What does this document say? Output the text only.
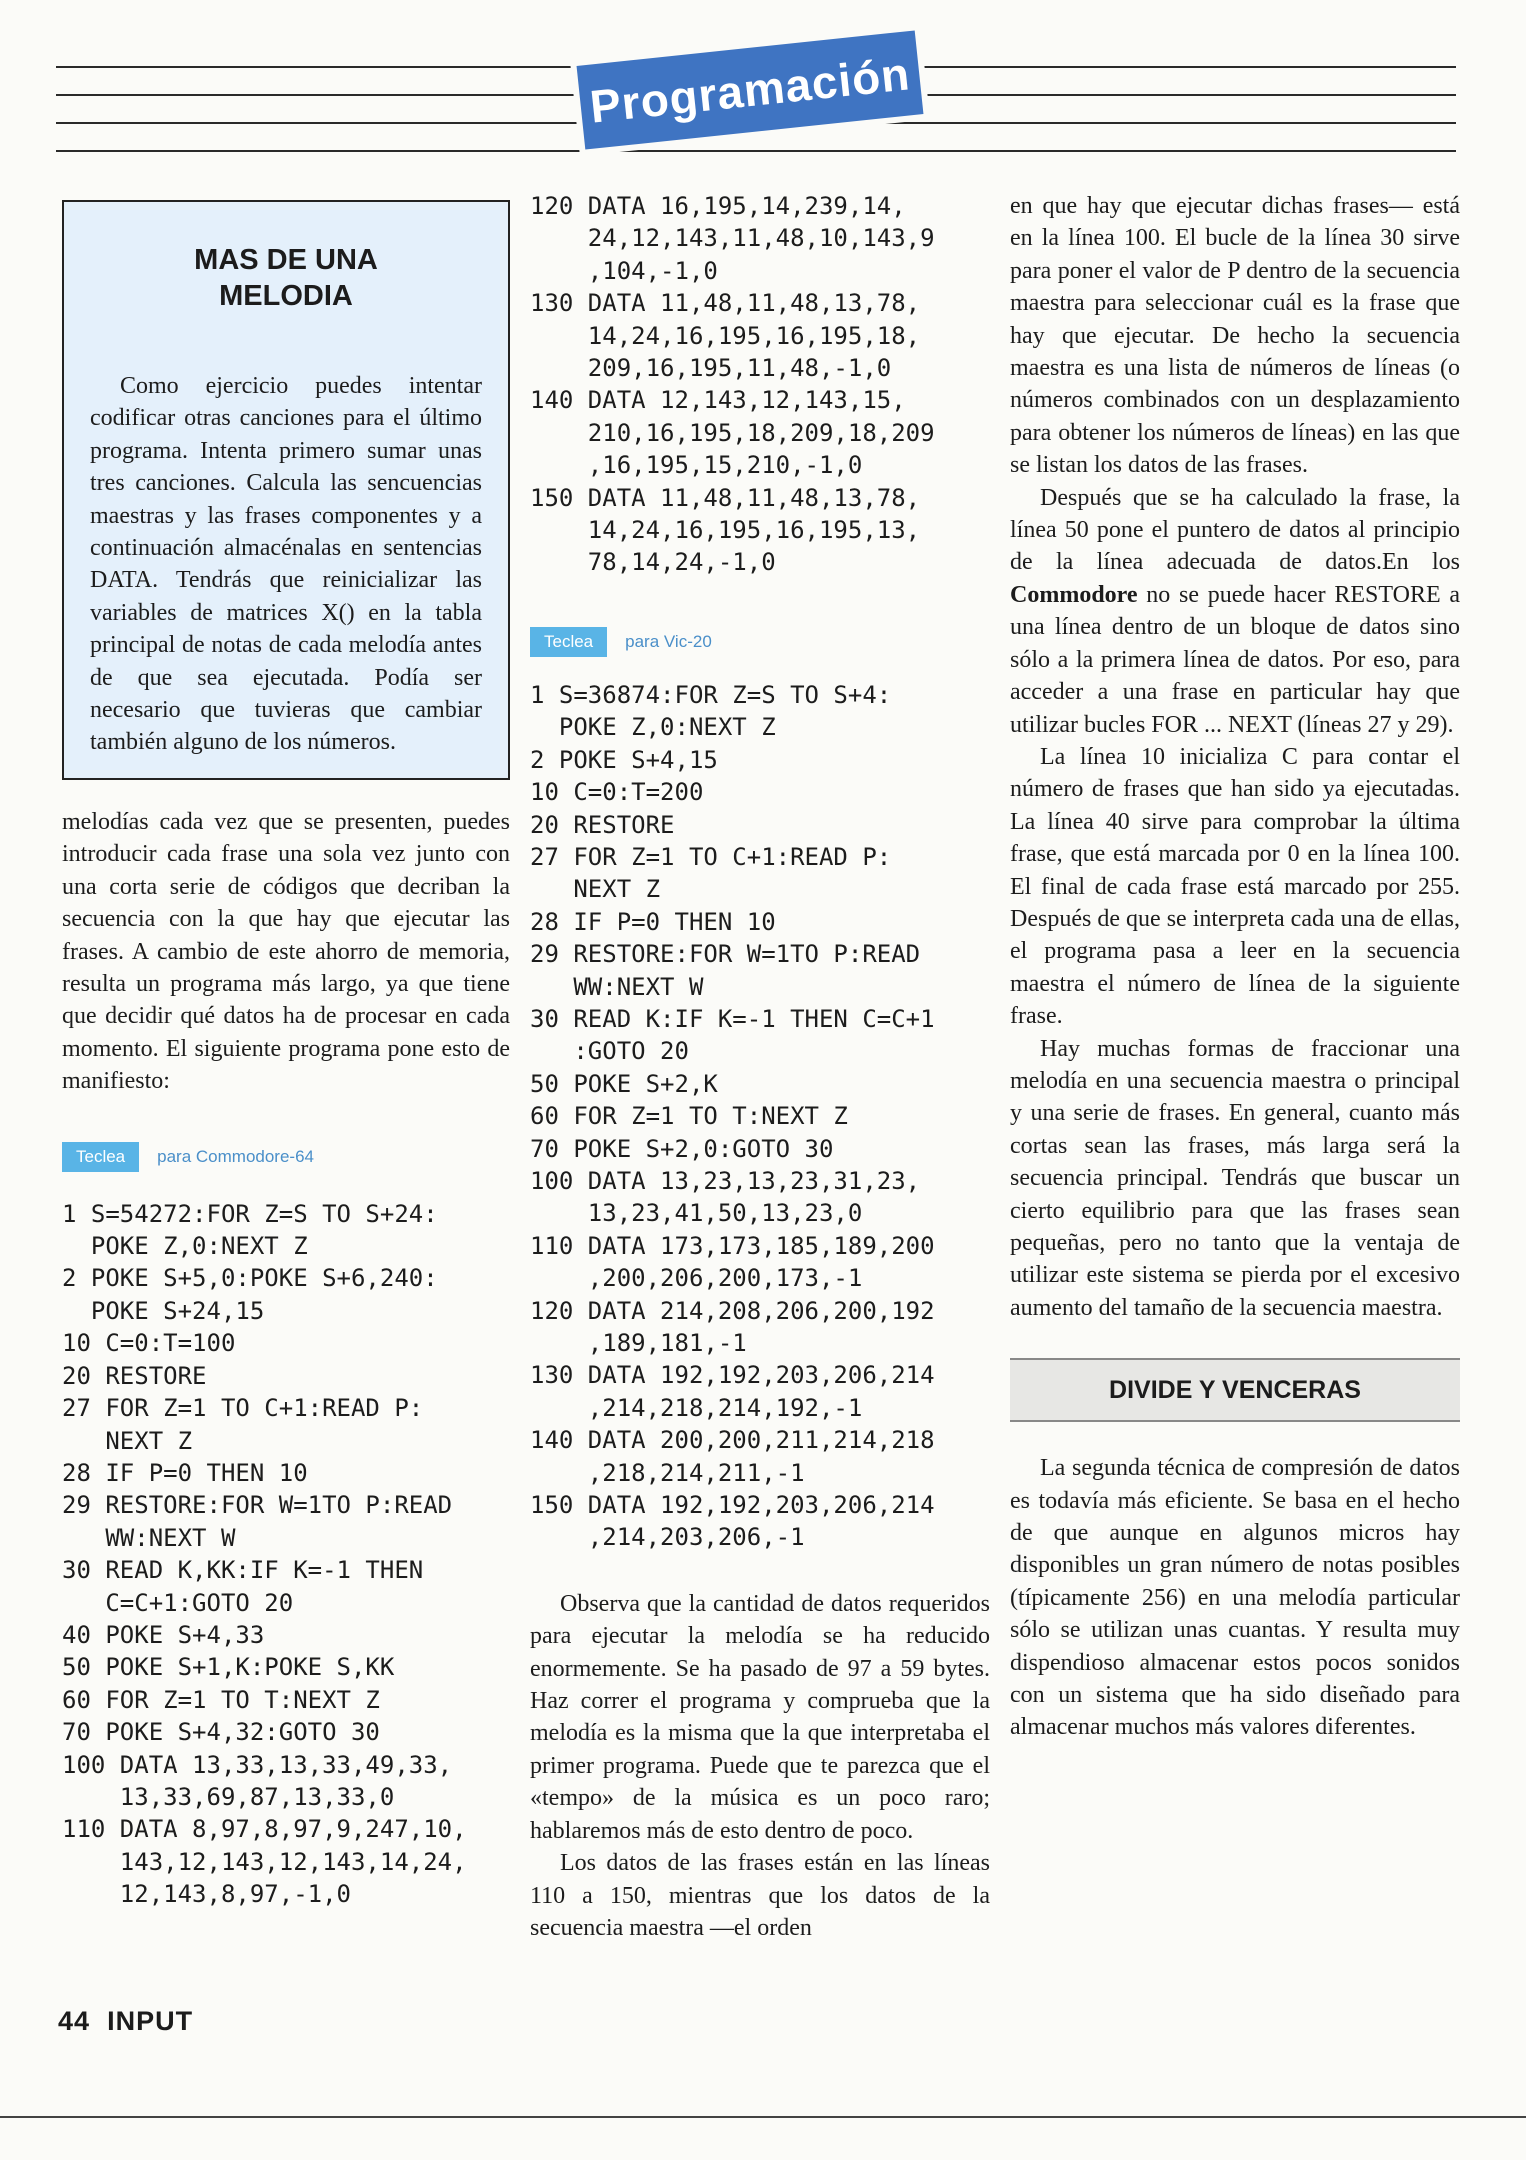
Programación
MAS DE UNA
MELODIA

Como ejercicio puedes intentar codificar otras canciones para el último programa. Intenta primero sumar unas tres canciones. Calcula las sencuencias maestras y las frases componentes y a continuación almacénalas en sentencias DATA. Tendrás que reinicializar las variables de matrices X() en la tabla principal de notas de cada melodía antes de que sea ejecutada. Podía ser necesario que tuvieras que cambiar también alguno de los números.

melodías cada vez que se presenten, puedes introducir cada frase una sola vez junto con una corta serie de códigos que decriban la secuencia con la que hay que ejecutar las frases. A cambio de este ahorro de memoria, resulta un programa más largo, ya que tiene que decidir qué datos ha de procesar en cada momento. El siguiente programa pone esto de manifiesto:

Teclea	para Commodore-64
1 S=54272:FOR Z=S TO S+24:
POKE Z,0:NEXT Z
2 POKE S+5,0:POKE S+6,240:
POKE S+24,15
10 C=0:T=100
20 RESTORE
27 FOR Z=1 TO C+1:READ P:
NEXT Z
28 IF P=0 THEN 10
29 RESTORE:FOR W=1TO P:READ
WW:NEXT W
30 READ K,KK:IF K=-1 THEN
C=C+1:GOTO 20
40 POKE S+4,33
50 POKE S+1,K:POKE S,KK
60 FOR Z=1 TO T:NEXT Z
70 POKE S+4,32:GOTO 30
100 DATA 13,33,13,33,49,33,
13,33,69,87,13,33,0
110 DATA 8,97,8,97,9,247,10,
143,12,143,12,143,14,24,
12,143,8,97,-1,0
120 DATA 16,195,14,239,14,
24,12,143,11,48,10,143,9
,104,-1,0
130 DATA 11,48,11,48,13,78,
14,24,16,195,16,195,18,
209,16,195,11,48,-1,0
140 DATA 12,143,12,143,15,
210,16,195,18,209,18,209
,16,195,15,210,-1,0
150 DATA 11,48,11,48,13,78,
14,24,16,195,16,195,13,
78,14,24,-1,0
Teclea	para Vic-20
1 S=36874:FOR Z=S TO S+4:
POKE Z,0:NEXT Z
2 POKE S+4,15
10 C=0:T=200
20 RESTORE
27 FOR Z=1 TO C+1:READ P:
NEXT Z
28 IF P=0 THEN 10
29 RESTORE:FOR W=1TO P:READ
WW:NEXT W
30 READ K:IF K=-1 THEN C=C+1
:GOTO 20
50 POKE S+2,K
60 FOR Z=1 TO T:NEXT Z
70 POKE S+2,0:GOTO 30
100 DATA 13,23,13,23,31,23,
13,23,41,50,13,23,0
110 DATA 173,173,185,189,200
,200,206,200,173,-1
120 DATA 214,208,206,200,192
,189,181,-1
130 DATA 192,192,203,206,214
,214,218,214,192,-1
140 DATA 200,200,211,214,218
,218,214,211,-1
150 DATA 192,192,203,206,214
,214,203,206,-1

Observa que la cantidad de datos requeridos para ejecutar la melodía se ha reducido enormemente. Se ha pasado de 97 a 59 bytes. Haz correr el programa y comprueba que la melodía es la misma que la que interpretaba el primer programa. Puede que te parezca que el «tempo» de la música es un poco raro; hablaremos más de esto dentro de poco.

Los datos de las frases están en las líneas 110 a 150, mientras que los datos de la secuencia maestra —el orden

en que hay que ejecutar dichas frases— está en la línea 100. El bucle de la línea 30 sirve para poner el valor de P dentro de la secuencia maestra para seleccionar cuál es la frase que hay que ejecutar. De hecho la secuencia maestra es una lista de números de líneas (o números combinados con un desplazamiento para obtener los números de líneas) en las que se listan los datos de las frases.

Después que se ha calculado la frase, la línea 50 pone el puntero de datos al principio de la línea adecuada de datos.En los Commodore no se puede hacer RESTORE a una línea dentro de un bloque de datos sino sólo a la primera línea de datos. Por eso, para acceder a una frase en particular hay que utilizar bucles FOR ... NEXT (líneas 27 y 29).

La línea 10 inicializa C para contar el número de frases que han sido ya ejecutadas. La línea 40 sirve para comprobar la última frase, que está marcada por 0 en la línea 100. El final de cada frase está marcado por 255. Después de que se interpreta cada una de ellas, el programa pasa a leer en la secuencia maestra el número de línea de la siguiente frase.

Hay muchas formas de fraccionar una melodía en una secuencia maestra o principal y una serie de frases. En general, cuanto más cortas sean las frases, más larga será la secuencia principal. Tendrás que buscar un cierto equilibrio para que las frases sean pequeñas, pero no tanto que la ventaja de utilizar este sistema se pierda por el excesivo aumento del tamaño de la secuencia maestra.

DIVIDE Y VENCERAS

La segunda técnica de compresión de datos es todavía más eficiente. Se basa en el hecho de que aunque en algunos micros hay disponibles un gran número de notas posibles (típicamente 256) en una melodía particular sólo se utilizan unas cuantas. Y resulta muy dispendioso almacenar estos pocos sonidos con un sistema que ha sido diseñado para almacenar muchos más valores diferentes.

44 INPUT
